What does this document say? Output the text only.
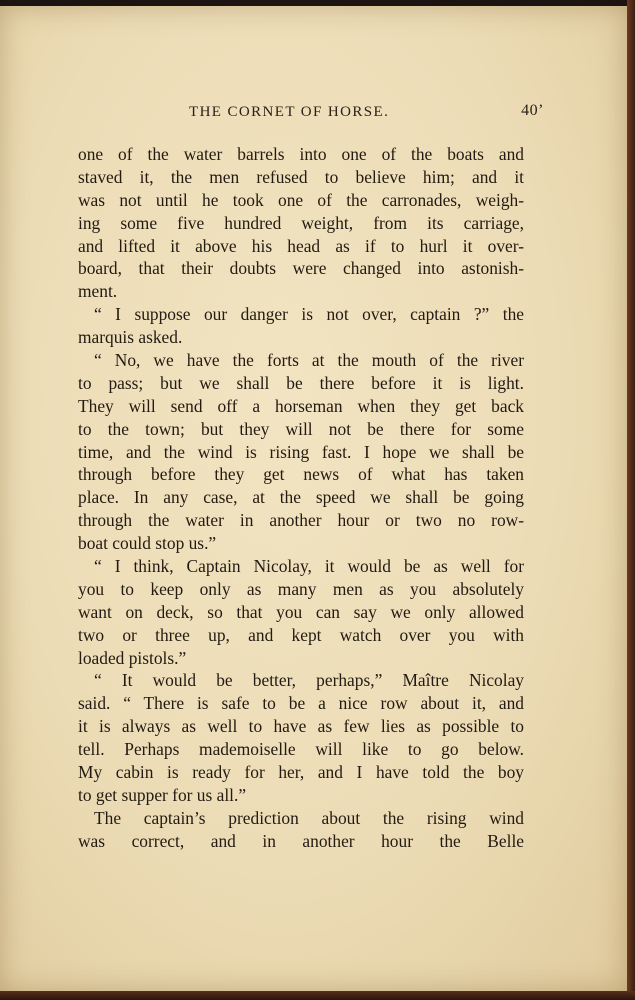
THE CORNET OF HORSE.	40’
one of the water barrels into one of the boats and
staved it, the men refused to believe him; and it
was not until he took one of the carronades, weigh-
ing some five hundred weight, from its carriage,
and lifted it above his head as if to hurl it over-
board, that their doubts were changed into astonish-
ment.
“ I suppose our danger is not over, captain ?” the
marquis asked.
“ No, we have the forts at the mouth of the river
to pass; but we shall be there before it is light.
They will send off a horseman when they get back
to the town; but they will not be there for some
time, and the wind is rising fast. I hope we shall be
through before they get news of what has taken
place. In any case, at the speed we shall be going
through the water in another hour or two no row-
boat could stop us.”
“ I think, Captain Nicolay, it would be as well for
you to keep only as many men as you absolutely
want on deck, so that you can say we only allowed
two or three up, and kept watch over you with
loaded pistols.”
“ It would be better, perhaps,” Maître Nicolay
said. “ There is safe to be a nice row about it, and
it is always as well to have as few lies as possible to
tell. Perhaps mademoiselle will like to go below.
My cabin is ready for her, and I have told the boy
to get supper for us all.”
The captain’s prediction about the rising wind
was correct, and in another hour the Belle
